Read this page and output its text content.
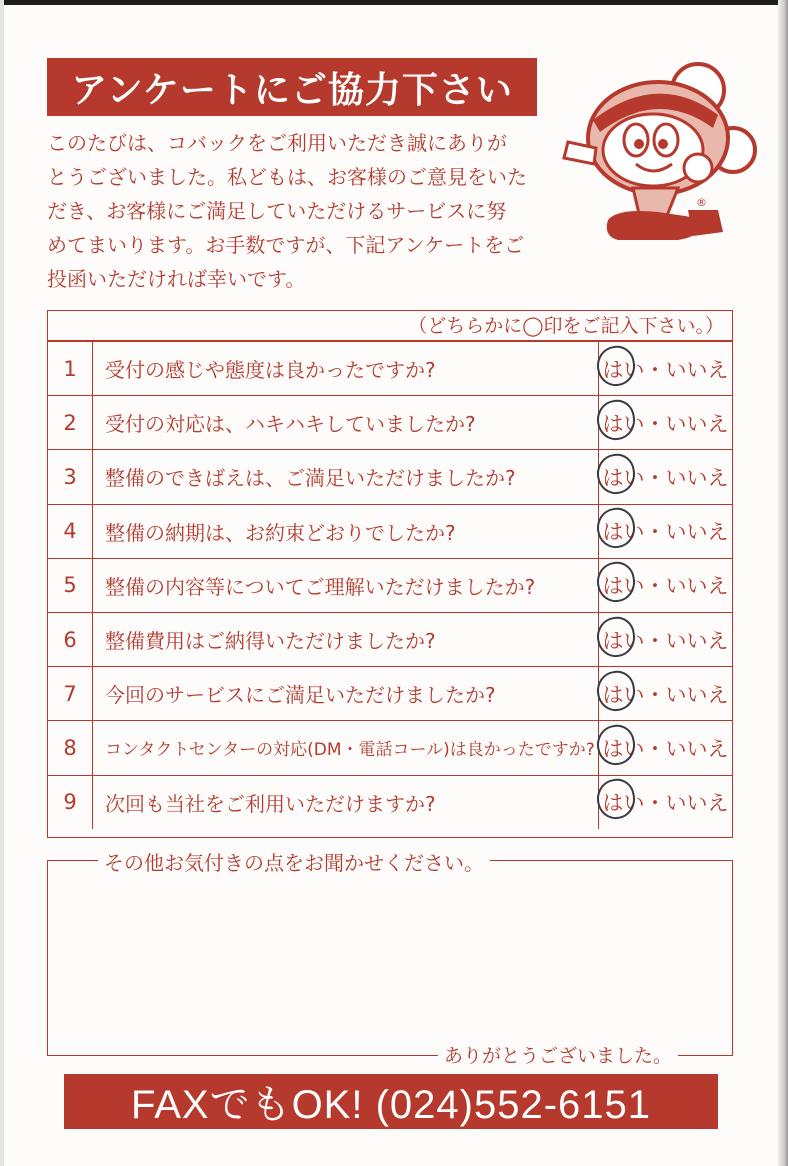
アンケートにご協力下さい

このたびは、コバックをご利用いただき誠にありが

とうございました。私どもは、お客様のご意見をいた

だき、お客様にご満足していただけるサービスに努

めてまいります。お手数ですが、下記アンケートをご

投函いただければ幸いです。

®
（どちらかに◯印をご記入下さい。）
1	受付の感じや態度は良かったですか?	はい ・ いいえ
2	受付の対応は、ハキハキしていましたか?	はい ・ いいえ
3	整備のできばえは、ご満足いただけましたか?	はい ・ いいえ
4	整備の納期は、お約束どおりでしたか?	はい ・ いいえ
5	整備の内容等についてご理解いただけましたか?	はい ・ いいえ
6	整備費用はご納得いただけましたか?	はい ・ いいえ
7	今回のサービスにご満足いただけましたか?	はい ・ いいえ
8	コンタクトセンターの対応(DM・電話コール)は良かったですか? はい ・ いいえ
9	次回も当社をご利用いただけますか?	はい ・ いいえ
その他お気付きの点をお聞かせください。
ありがとうございました。
FAXでもOK! (024)552-6151
